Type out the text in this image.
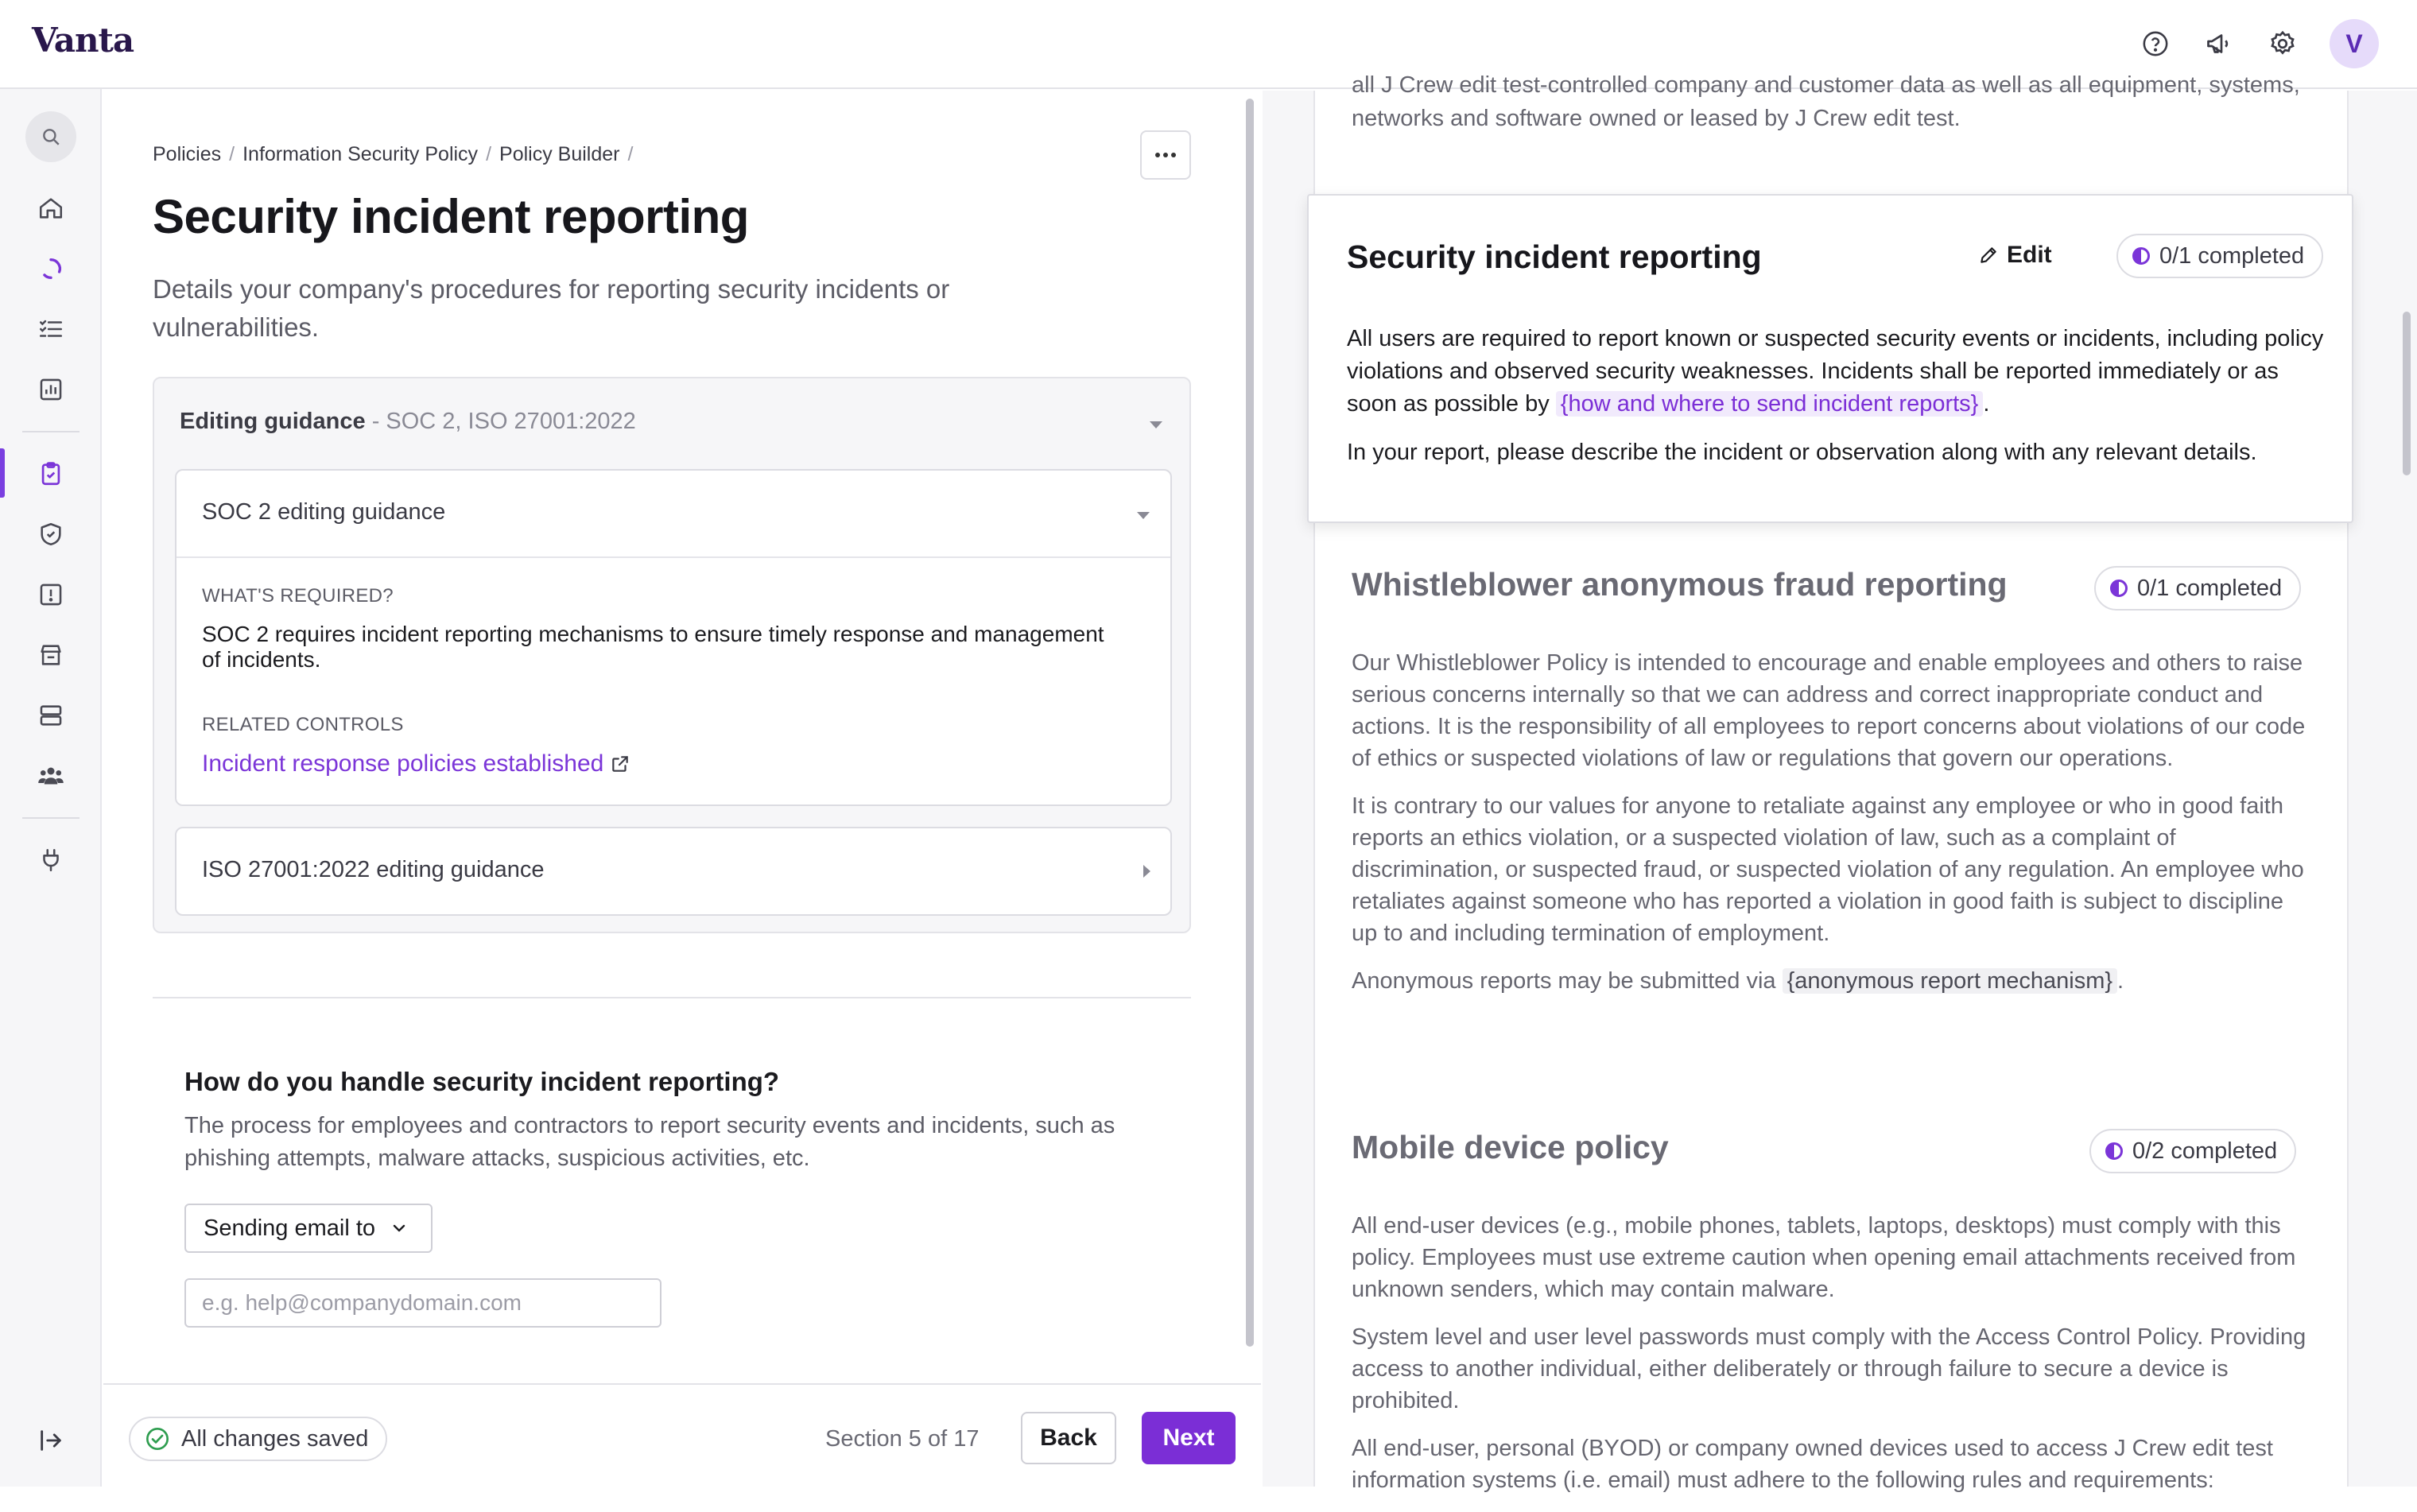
Vanta	V
Policies / Information Security Policy / Policy Builder /
Security incident reporting

Details your company's procedures for reporting security incidents or vulnerabilities.

Editing guidance - SOC 2, ISO 27001:2022
SOC 2 editing guidance
WHAT'S REQUIRED?
SOC 2 requires incident reporting mechanisms to ensure timely response and management of incidents.
RELATED CONTROLS
Incident response policies established
ISO 27001:2022 editing guidance
How do you handle security incident reporting?
The process for employees and contractors to report security events and incidents, such as phishing attempts, malware attacks, suspicious activities, etc.
Sending email to
e.g. help@companydomain.com
All changes saved	Section 5 of 17	Back	Next
all J Crew edit test-controlled company and customer data as well as all equipment, systems, networks and software owned or leased by J Crew edit test.
Whistleblower anonymous fraud reporting	0/1 completed

Our Whistleblower Policy is intended to encourage and enable employees and others to raise serious concerns internally so that we can address and correct inappropriate conduct and actions. It is the responsibility of all employees to report concerns about violations of our code of ethics or suspected violations of law or regulations that govern our operations.

It is contrary to our values for anyone to retaliate against any employee or who in good faith reports an ethics violation, or a suspected violation of law, such as a complaint of discrimination, or suspected fraud, or suspected violation of any regulation. An employee who retaliates against someone who has reported a violation in good faith is subject to discipline up to and including termination of employment.

Anonymous reports may be submitted via {anonymous report mechanism} .

Mobile device policy	0/2 completed

All end-user devices (e.g., mobile phones, tablets, laptops, desktops) must comply with this policy. Employees must use extreme caution when opening email attachments received from unknown senders, which may contain malware.

System level and user level passwords must comply with the Access Control Policy. Providing access to another individual, either deliberately or through failure to secure a device is prohibited.

All end-user, personal (BYOD) or company owned devices used to access J Crew edit test information systems (i.e. email) must adhere to the following rules and requirements:

Security incident reporting	Edit	0/1 completed

All users are required to report known or suspected security events or incidents, including policy violations and observed security weaknesses. Incidents shall be reported immediately or as soon as possible by {how and where to send incident reports} .

In your report, please describe the incident or observation along with any relevant details.
